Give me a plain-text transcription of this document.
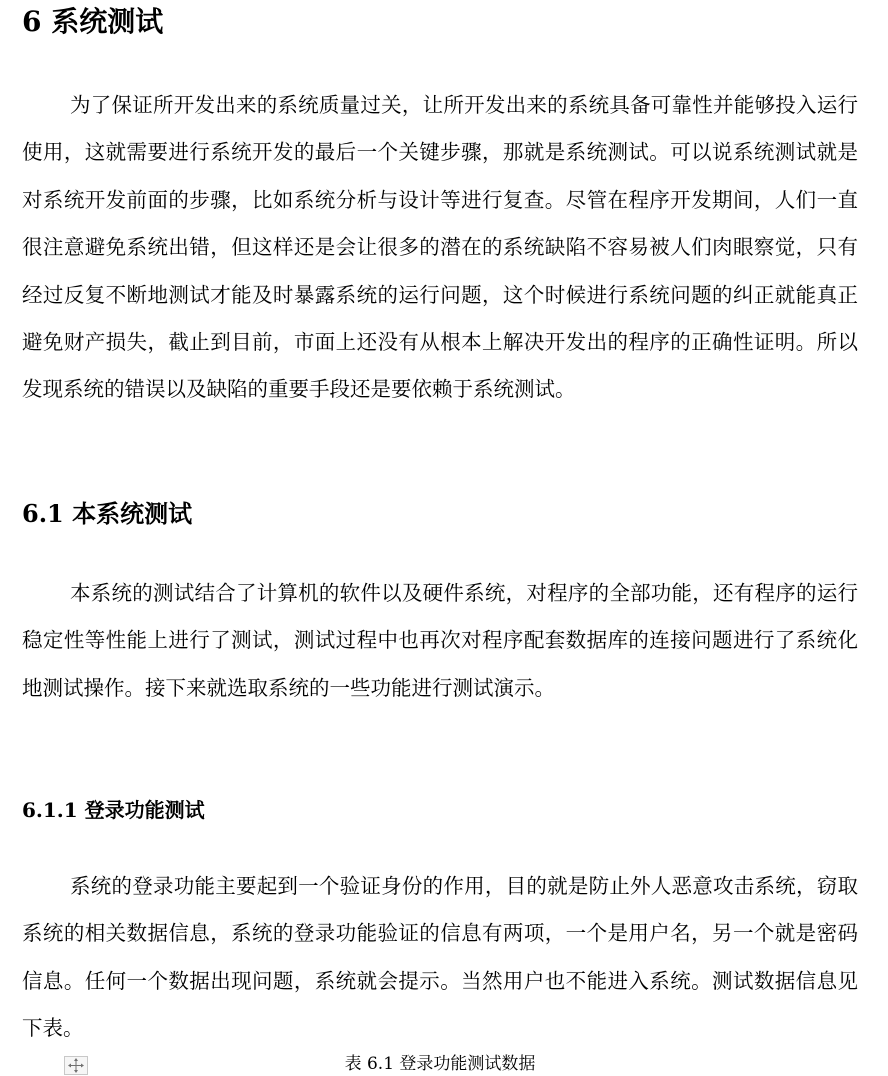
6 系统测试

为了保证所开发出来的系统质量过关，让所开发出来的系统具备可靠性并能够投入运行使用，这就需要进行系统开发的最后一个关键步骤，那就是系统测试。可以说系统测试就是对系统开发前面的步骤，比如系统分析与设计等进行复查。尽管在程序开发期间，人们一直很注意避免系统出错，但这样还是会让很多的潜在的系统缺陷不容易被人们肉眼察觉，只有经过反复不断地测试才能及时暴露系统的运行问题，这个时候进行系统问题的纠正就能真正避免财产损失，截止到目前，市面上还没有从根本上解决开发出的程序的正确性证明。所以发现系统的错误以及缺陷的重要手段还是要依赖于系统测试。

6.1 本系统测试

本系统的测试结合了计算机的软件以及硬件系统，对程序的全部功能，还有程序的运行稳定性等性能上进行了测试，测试过程中也再次对程序配套数据库的连接问题进行了系统化地测试操作。接下来就选取系统的一些功能进行测试演示。

6.1.1 登录功能测试

系统的登录功能主要起到一个验证身份的作用，目的就是防止外人恶意攻击系统，窃取系统的相关数据信息，系统的登录功能验证的信息有两项，一个是用户名，另一个就是密码信息。任何一个数据出现问题，系统就会提示。当然用户也不能进入系统。测试数据信息见下表。

表 6.1 登录功能测试数据
